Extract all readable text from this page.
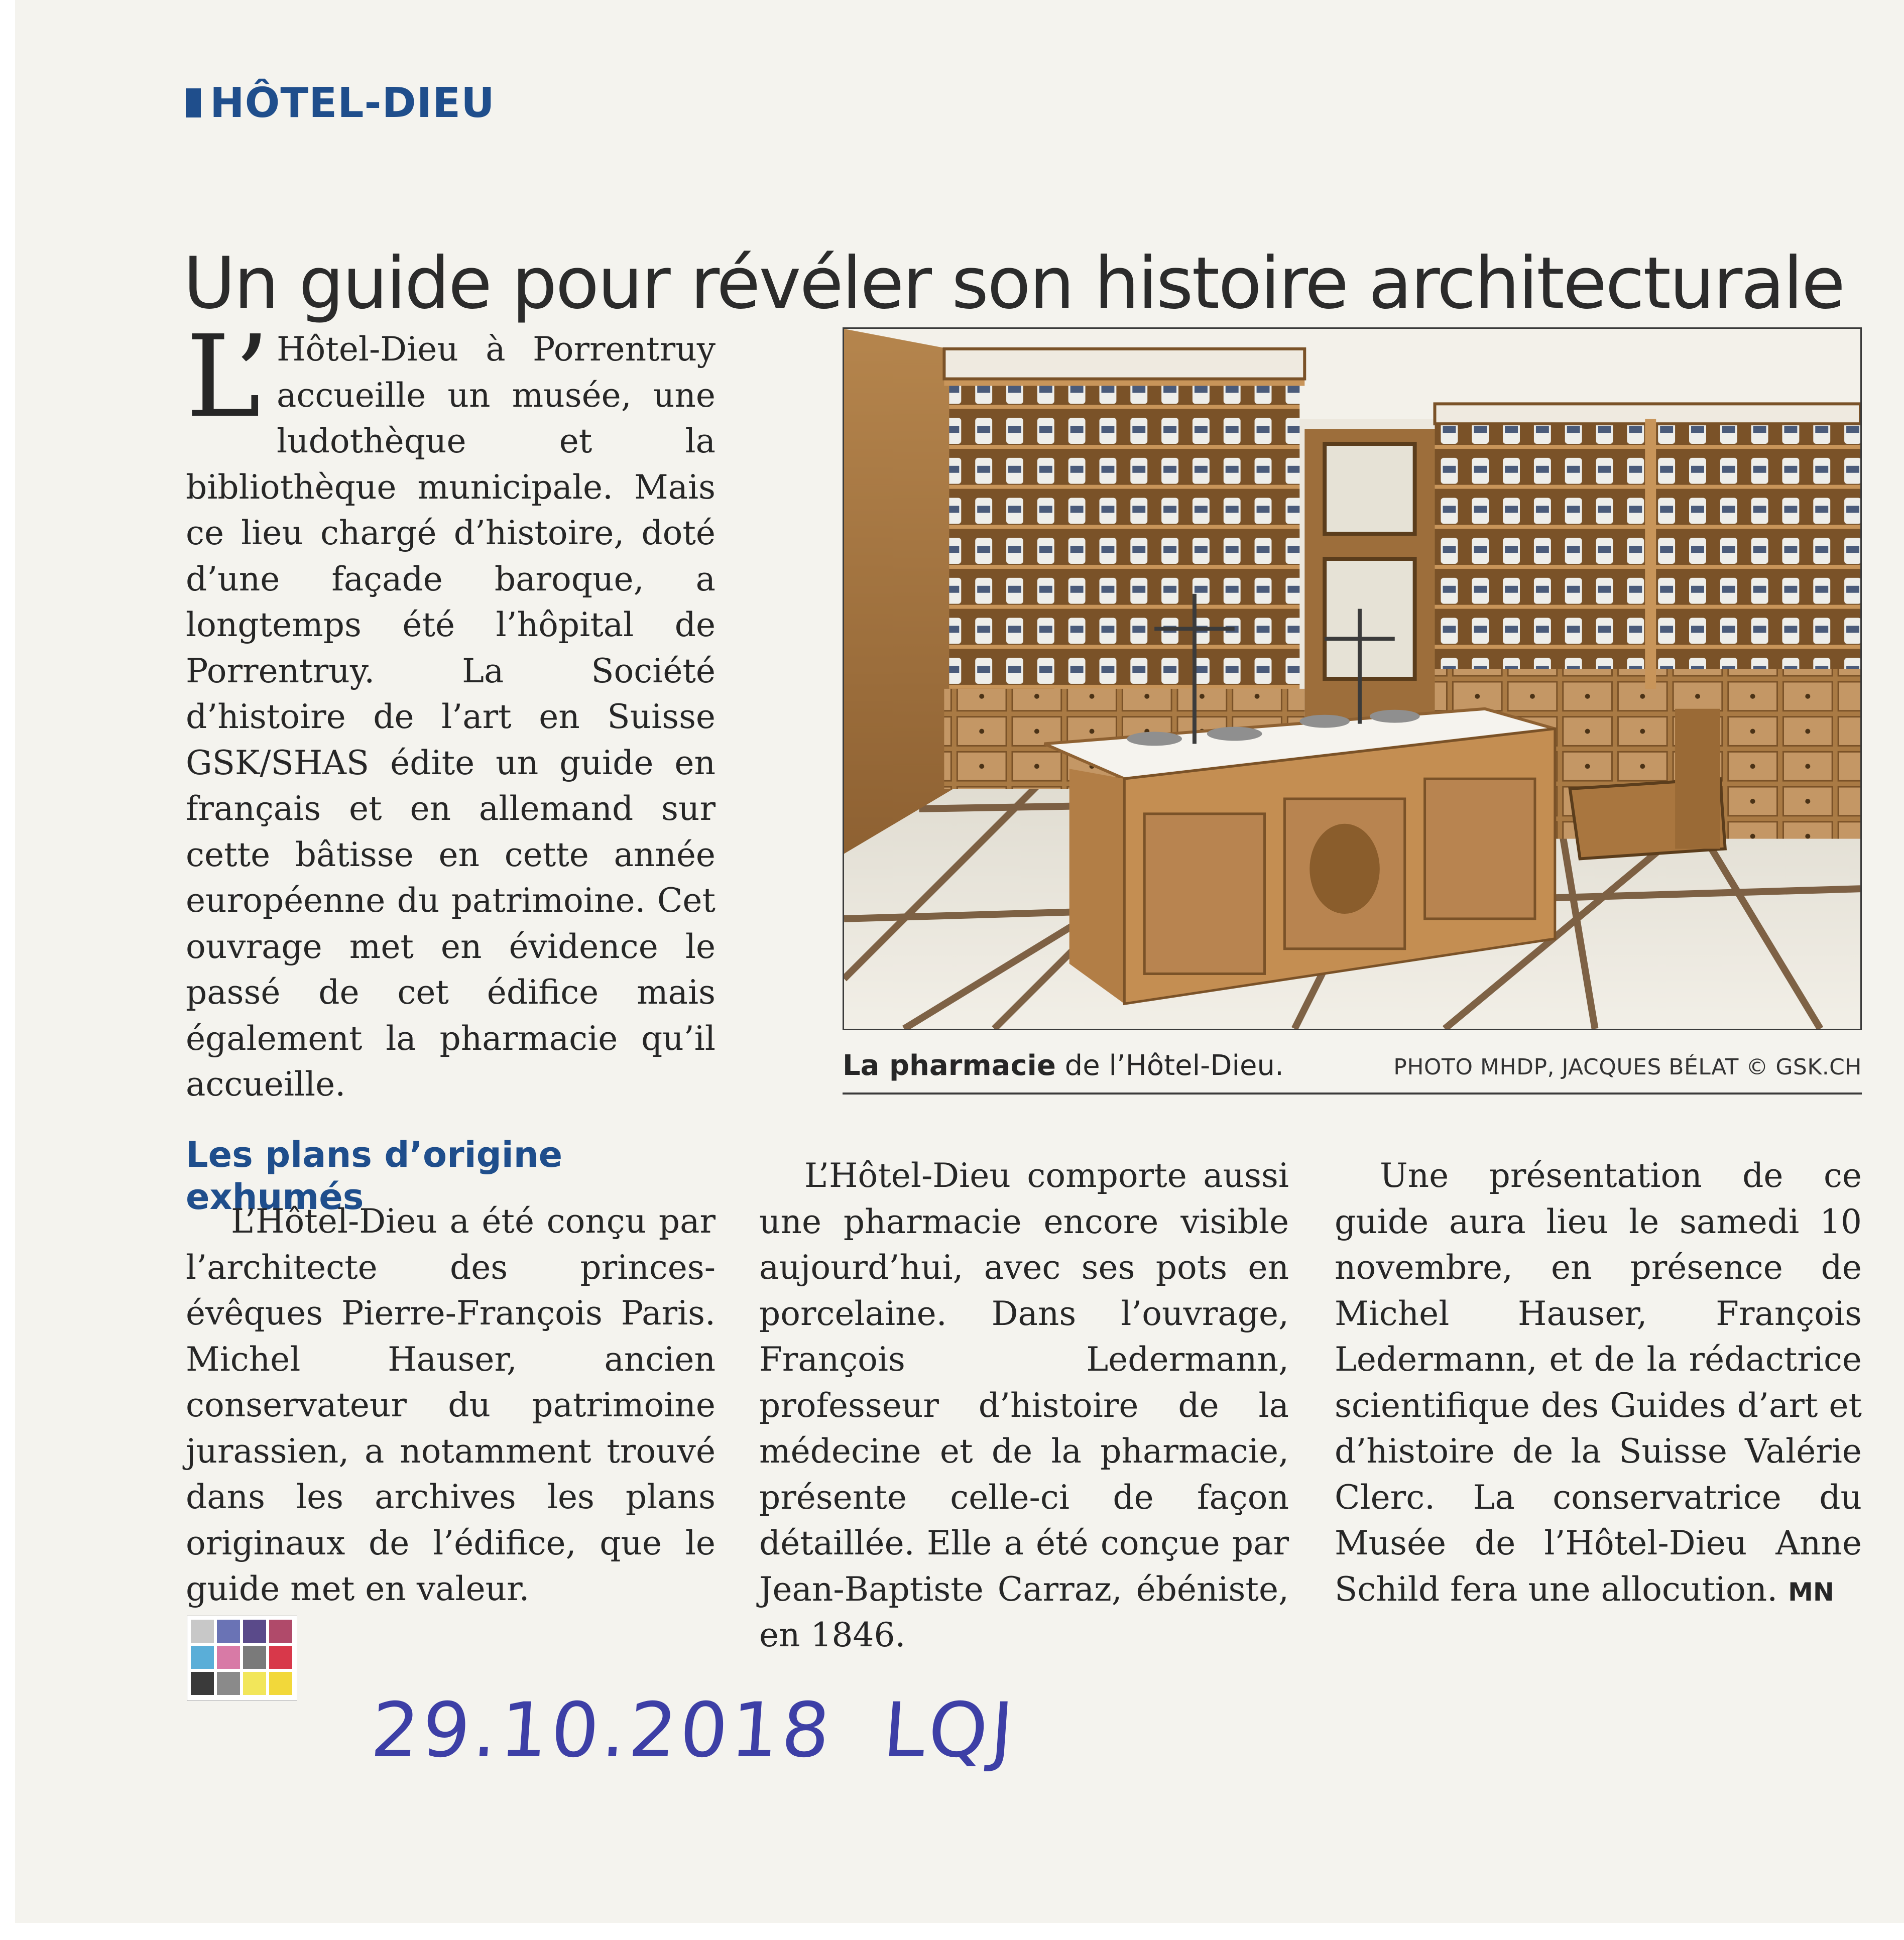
HÔTEL-DIEU
Un guide pour révéler son histoire architecturale

L’ Hôtel-Dieu à Porrentruy accueille un musée, une ludothèque et la bibliothèque municipale. Mais ce lieu chargé d’histoire, doté d’une façade baroque, a longtemps été l’hôpital de Porrentruy. La Société d’histoire de l’art en Suisse GSK/SHAS édite un guide en français et en allemand sur cette bâtisse en cette année européenne du patrimoine. Cet ouvrage met en évidence le passé de cet édifice mais également la pharmacie qu’il accueille.	La pharmacie de l’Hôtel-Dieu.	PHOTO MHDP, JACQUES BÉLAT © GSK.CH
Les plans d’origine exhumés

L’Hôtel-Dieu a été conçu par l’architecte des princes-évêques Pierre-François Paris. Michel Hauser, ancien conservateur du patrimoine jurassien, a notamment trouvé dans les archives les plans originaux de l’édifice, que le guide met en valeur.

L’Hôtel-Dieu comporte aussi une pharmacie encore visible aujourd’hui, avec ses pots en porcelaine. Dans l’ouvrage, François Ledermann, professeur d’histoire de la médecine et de la pharmacie, présente celle-ci de façon détaillée. Elle a été conçue par Jean-Baptiste Carraz, ébéniste, en 1846.

Une présentation de ce guide aura lieu le samedi 10 novembre, en présence de Michel Hauser, François Ledermann, et de la rédactrice scientifique des Guides d’art et d’histoire de la Suisse Valérie Clerc. La conservatrice du Musée de l’Hôtel-Dieu Anne Schild fera une allocution. MN

29.10.2018 LQJ
